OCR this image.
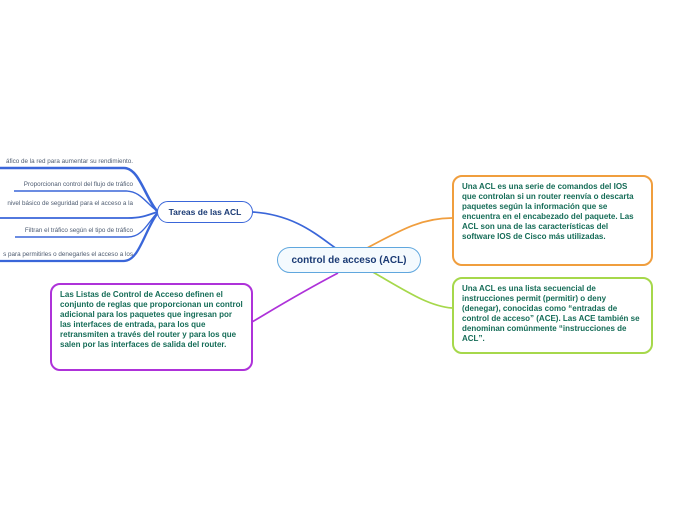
áfico de la red para aumentar su rendimiento.
Proporcionan control del flujo de tráfico
nivel básico de seguridad para el acceso a la
Filtran el tráfico según el tipo de tráfico
s para permitirles o denegarles el acceso a los
Tareas de las ACL
control de acceso (ACL)
Una ACL es una serie de comandos del IOS que controlan si un router reenvía o descarta paquetes según la información que se encuentra en el encabezado del paquete. Las ACL son una de las características del software IOS de Cisco más utilizadas.
Una ACL es una lista secuencial de instrucciones permit (permitir) o deny (denegar), conocidas como “entradas de control de acceso” (ACE). Las ACE también se denominan comúnmente “instrucciones de ACL”.
Las Listas de Control de Acceso definen el conjunto de reglas que proporcionan un control adicional para los paquetes que ingresan por las interfaces de entrada, para los que retransmiten a través del router y para los que salen por las interfaces de salida del router.
